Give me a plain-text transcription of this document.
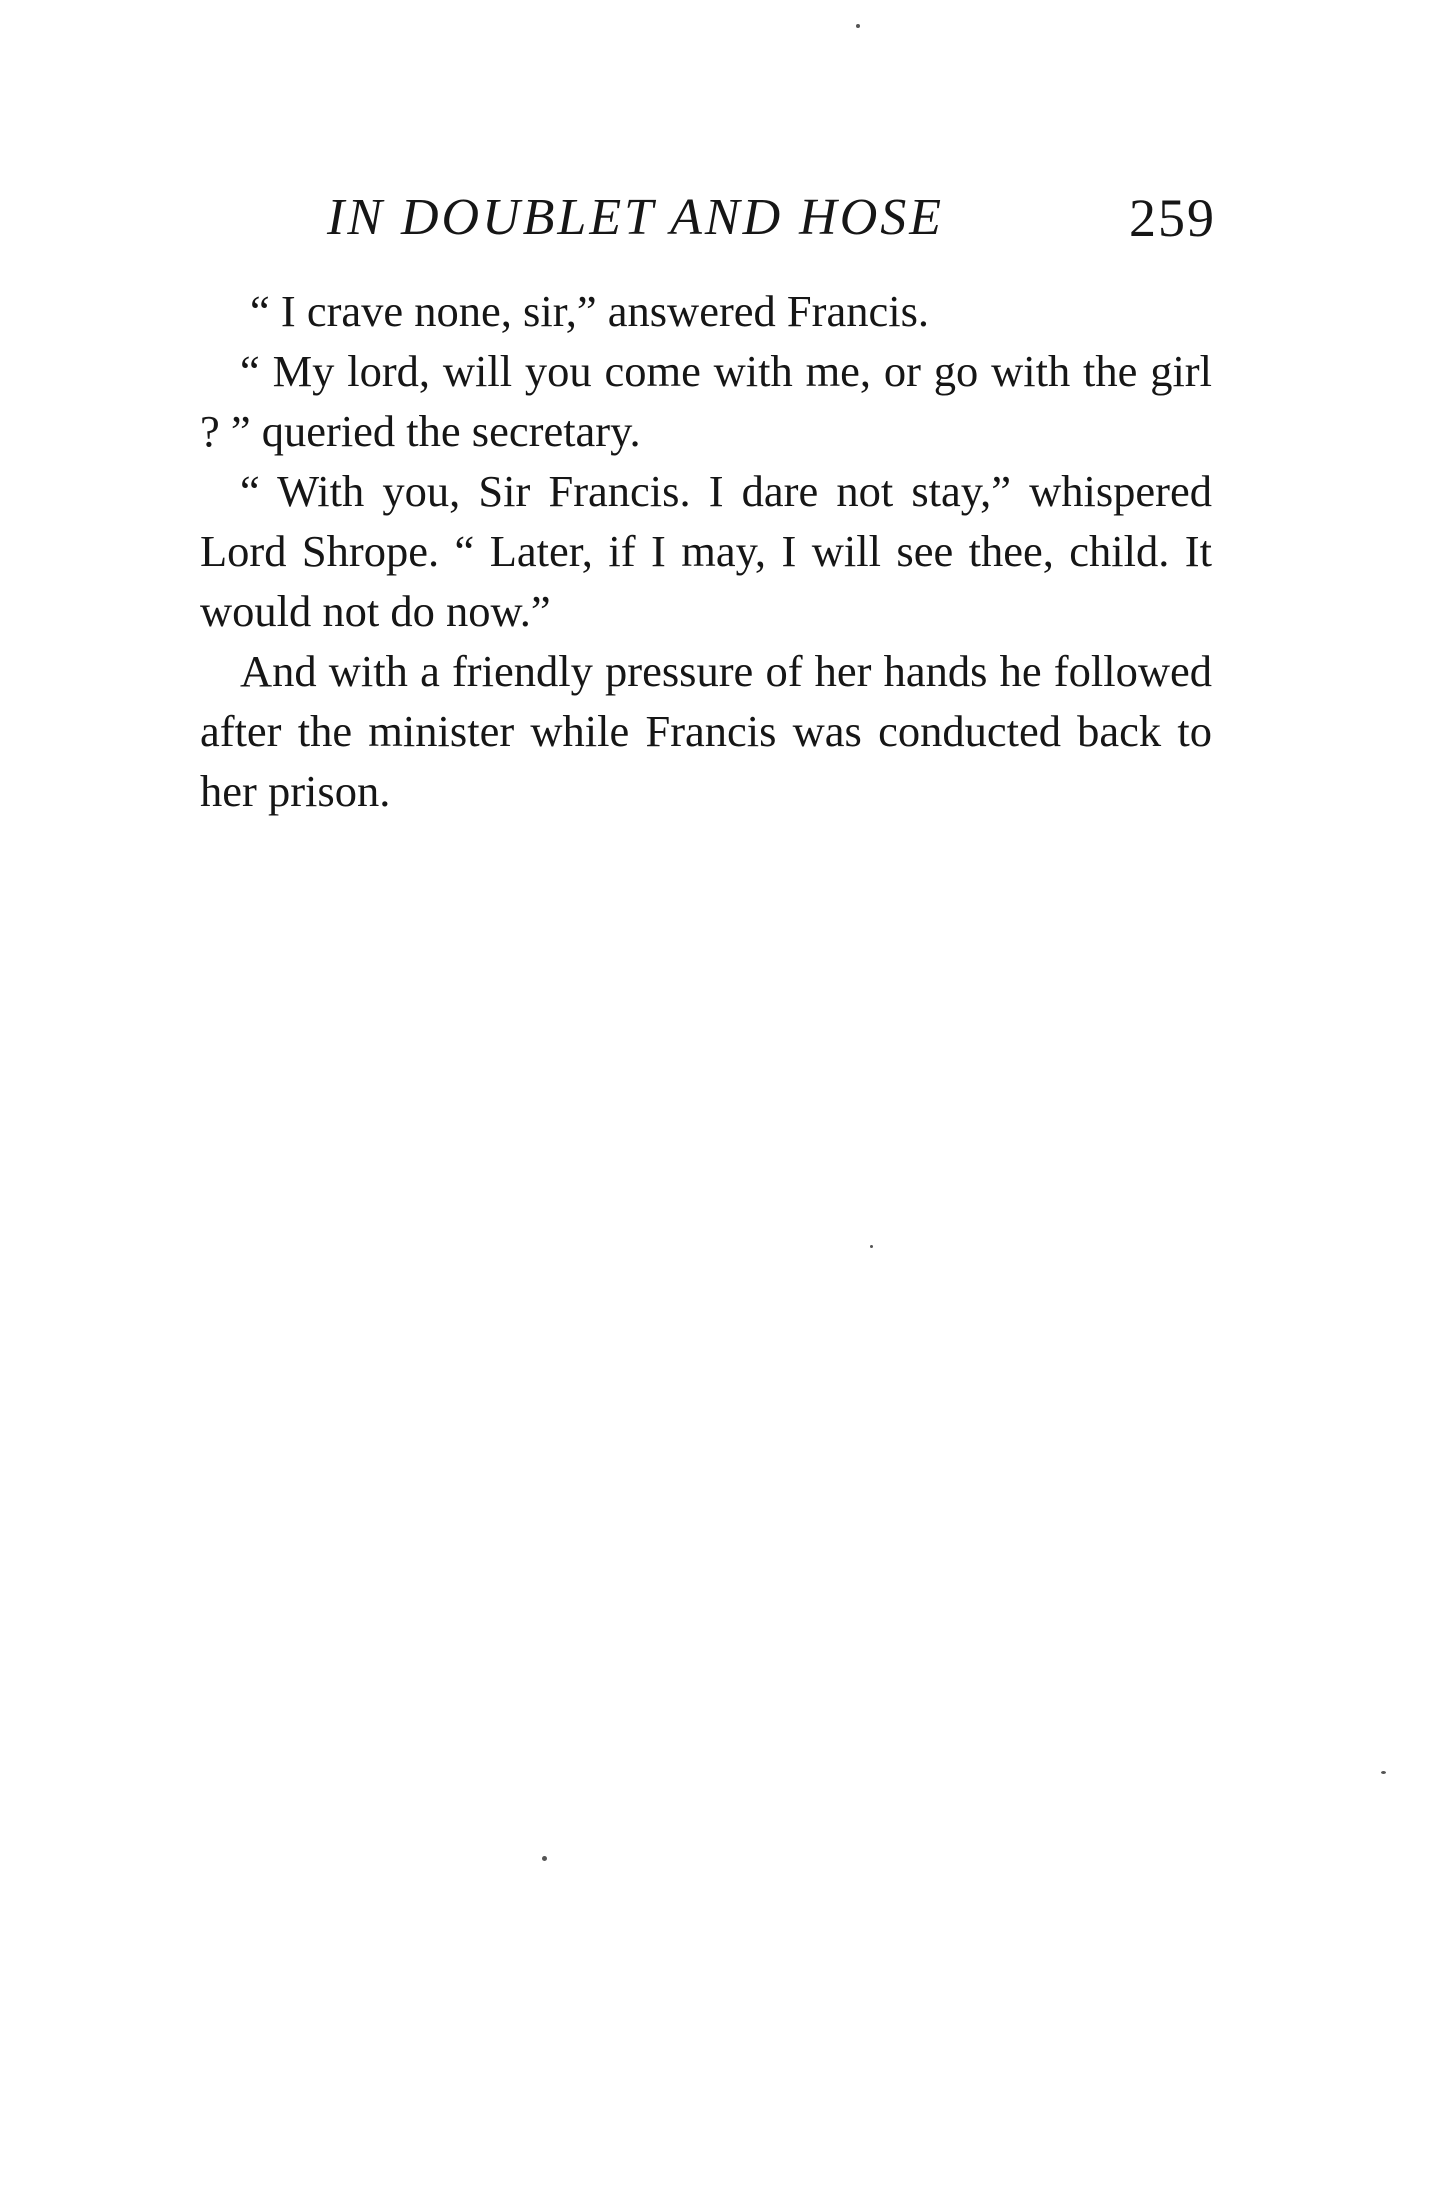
IN DOUBLET AND HOSE	259

“ I crave none, sir,” answered Francis.

“ My lord, will you come with me, or go with the girl ? ” queried the secretary.

“ With you, Sir Francis. I dare not stay,” whispered Lord Shrope. “ Later, if I may, I will see thee, child. It would not do now.”

And with a friendly pressure of her hands he followed after the minister while Francis was conducted back to her prison.
